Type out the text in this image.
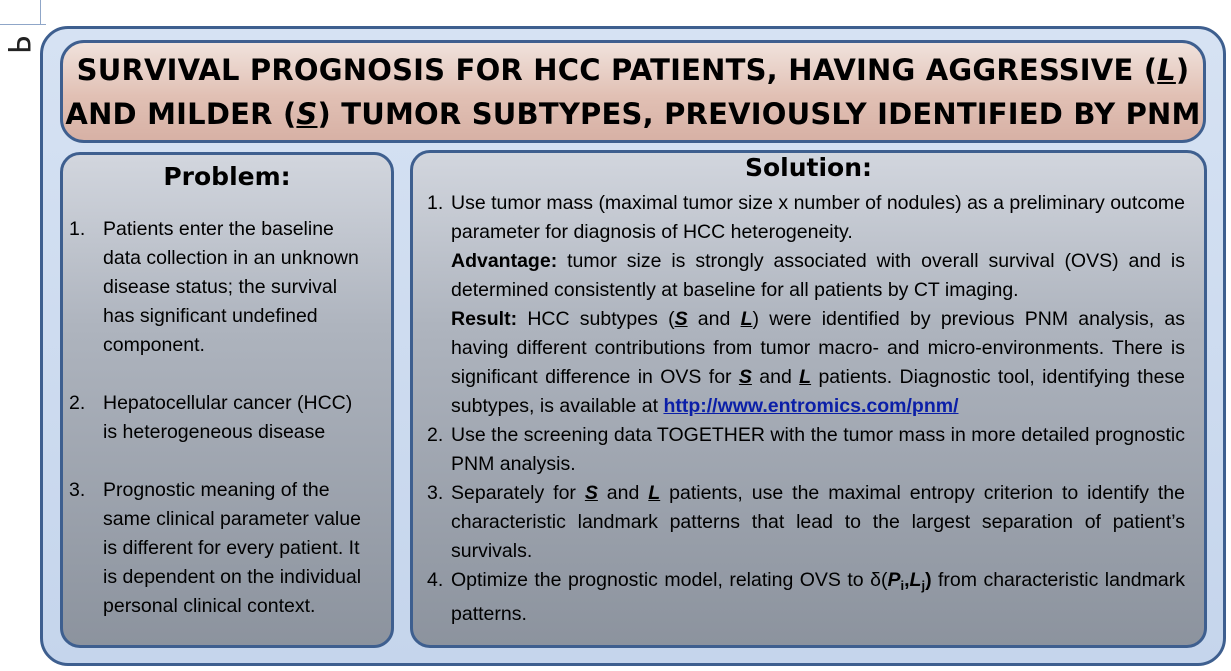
ꟼ
SURVIVAL PROGNOSIS FOR HCC PATIENTS, HAVING AGGRESSIVE (L)
AND MILDER (S) TUMOR SUBTYPES, PREVIOUSLY IDENTIFIED BY PNM
Problem:
1. Patients enter the baseline data collection in an unknown disease status; the survival has significant undefined component.
2. Hepatocellular cancer (HCC) is heterogeneous disease
3. Prognostic meaning of the same clinical parameter value is different for every patient. It is dependent on the individual personal clinical context.
Solution:
1. Use tumor mass (maximal tumor size x number of nodules) as a preliminary outcome parameter for diagnosis of HCC heterogeneity.
Advantage: tumor size is strongly associated with overall survival (OVS) and is determined consistently at baseline for all patients by CT imaging.
Result: HCC subtypes (S and L) were identified by previous PNM analysis, as having different contributions from tumor macro- and micro-environments. There is significant difference in OVS for S and L patients. Diagnostic tool, identifying these subtypes, is available at http://www.entromics.com/pnm/
2. Use the screening data TOGETHER with the tumor mass in more detailed prognostic PNM analysis.
3. Separately for S and L patients, use the maximal entropy criterion to identify the characteristic landmark patterns that lead to the largest separation of patient’s survivals.
4. Optimize the prognostic model, relating OVS to $\delta(P_i,L_j)$ from characteristic landmark patterns.
